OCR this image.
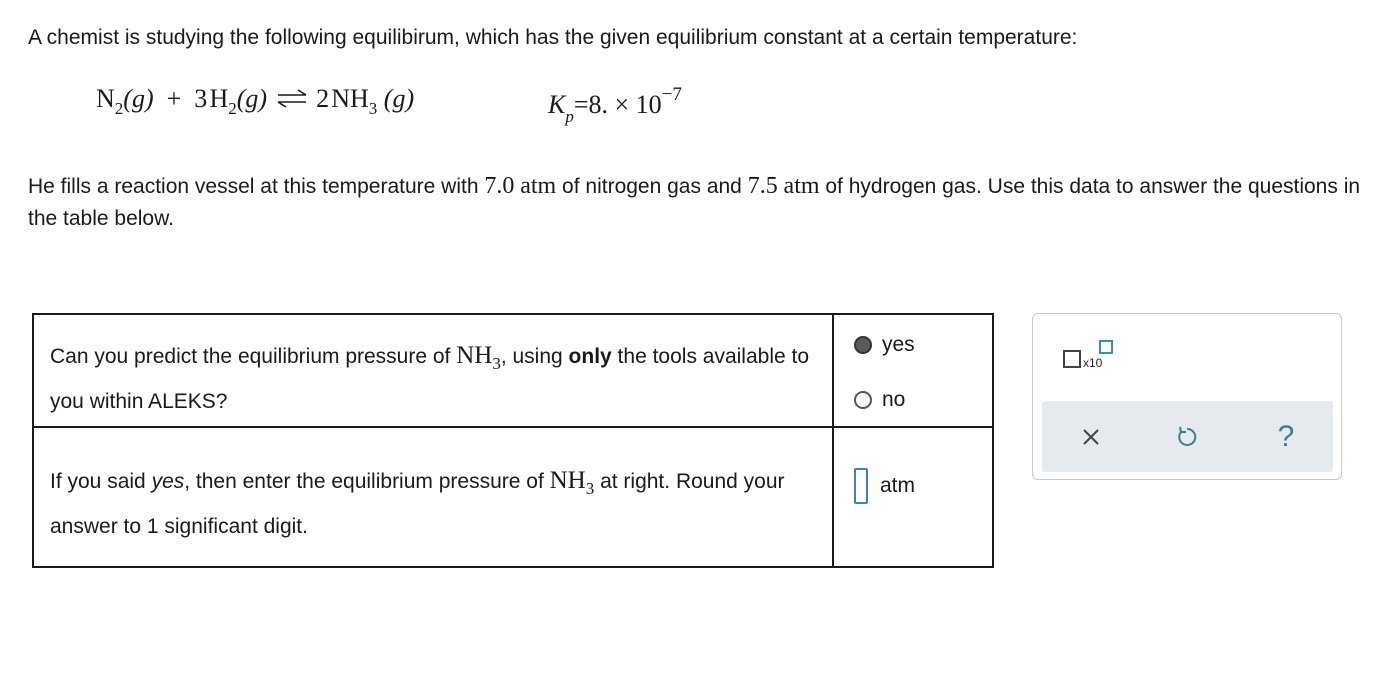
A chemist is studying the following equilibirum, which has the given equilibrium constant at a certain temperature:
$N_2(g) + 3$ $H_2(g)$ ⇌ 2 $NH_3$ (g)	$K_p=8$. × $10^{-7}$
He fills a reaction vessel at this temperature with 7.0 atm of nitrogen gas and 7.5 atm of hydrogen gas. Use this data to answer the questions in the table below.
Can you predict the equilibrium pressure of $NH_3$, using only the tools available to you within ALEKS?
yes
no
If you said yes, then enter the equilibrium pressure of $NH_3$ at right. Round your answer to 1 significant digit.
atm
x10
?
